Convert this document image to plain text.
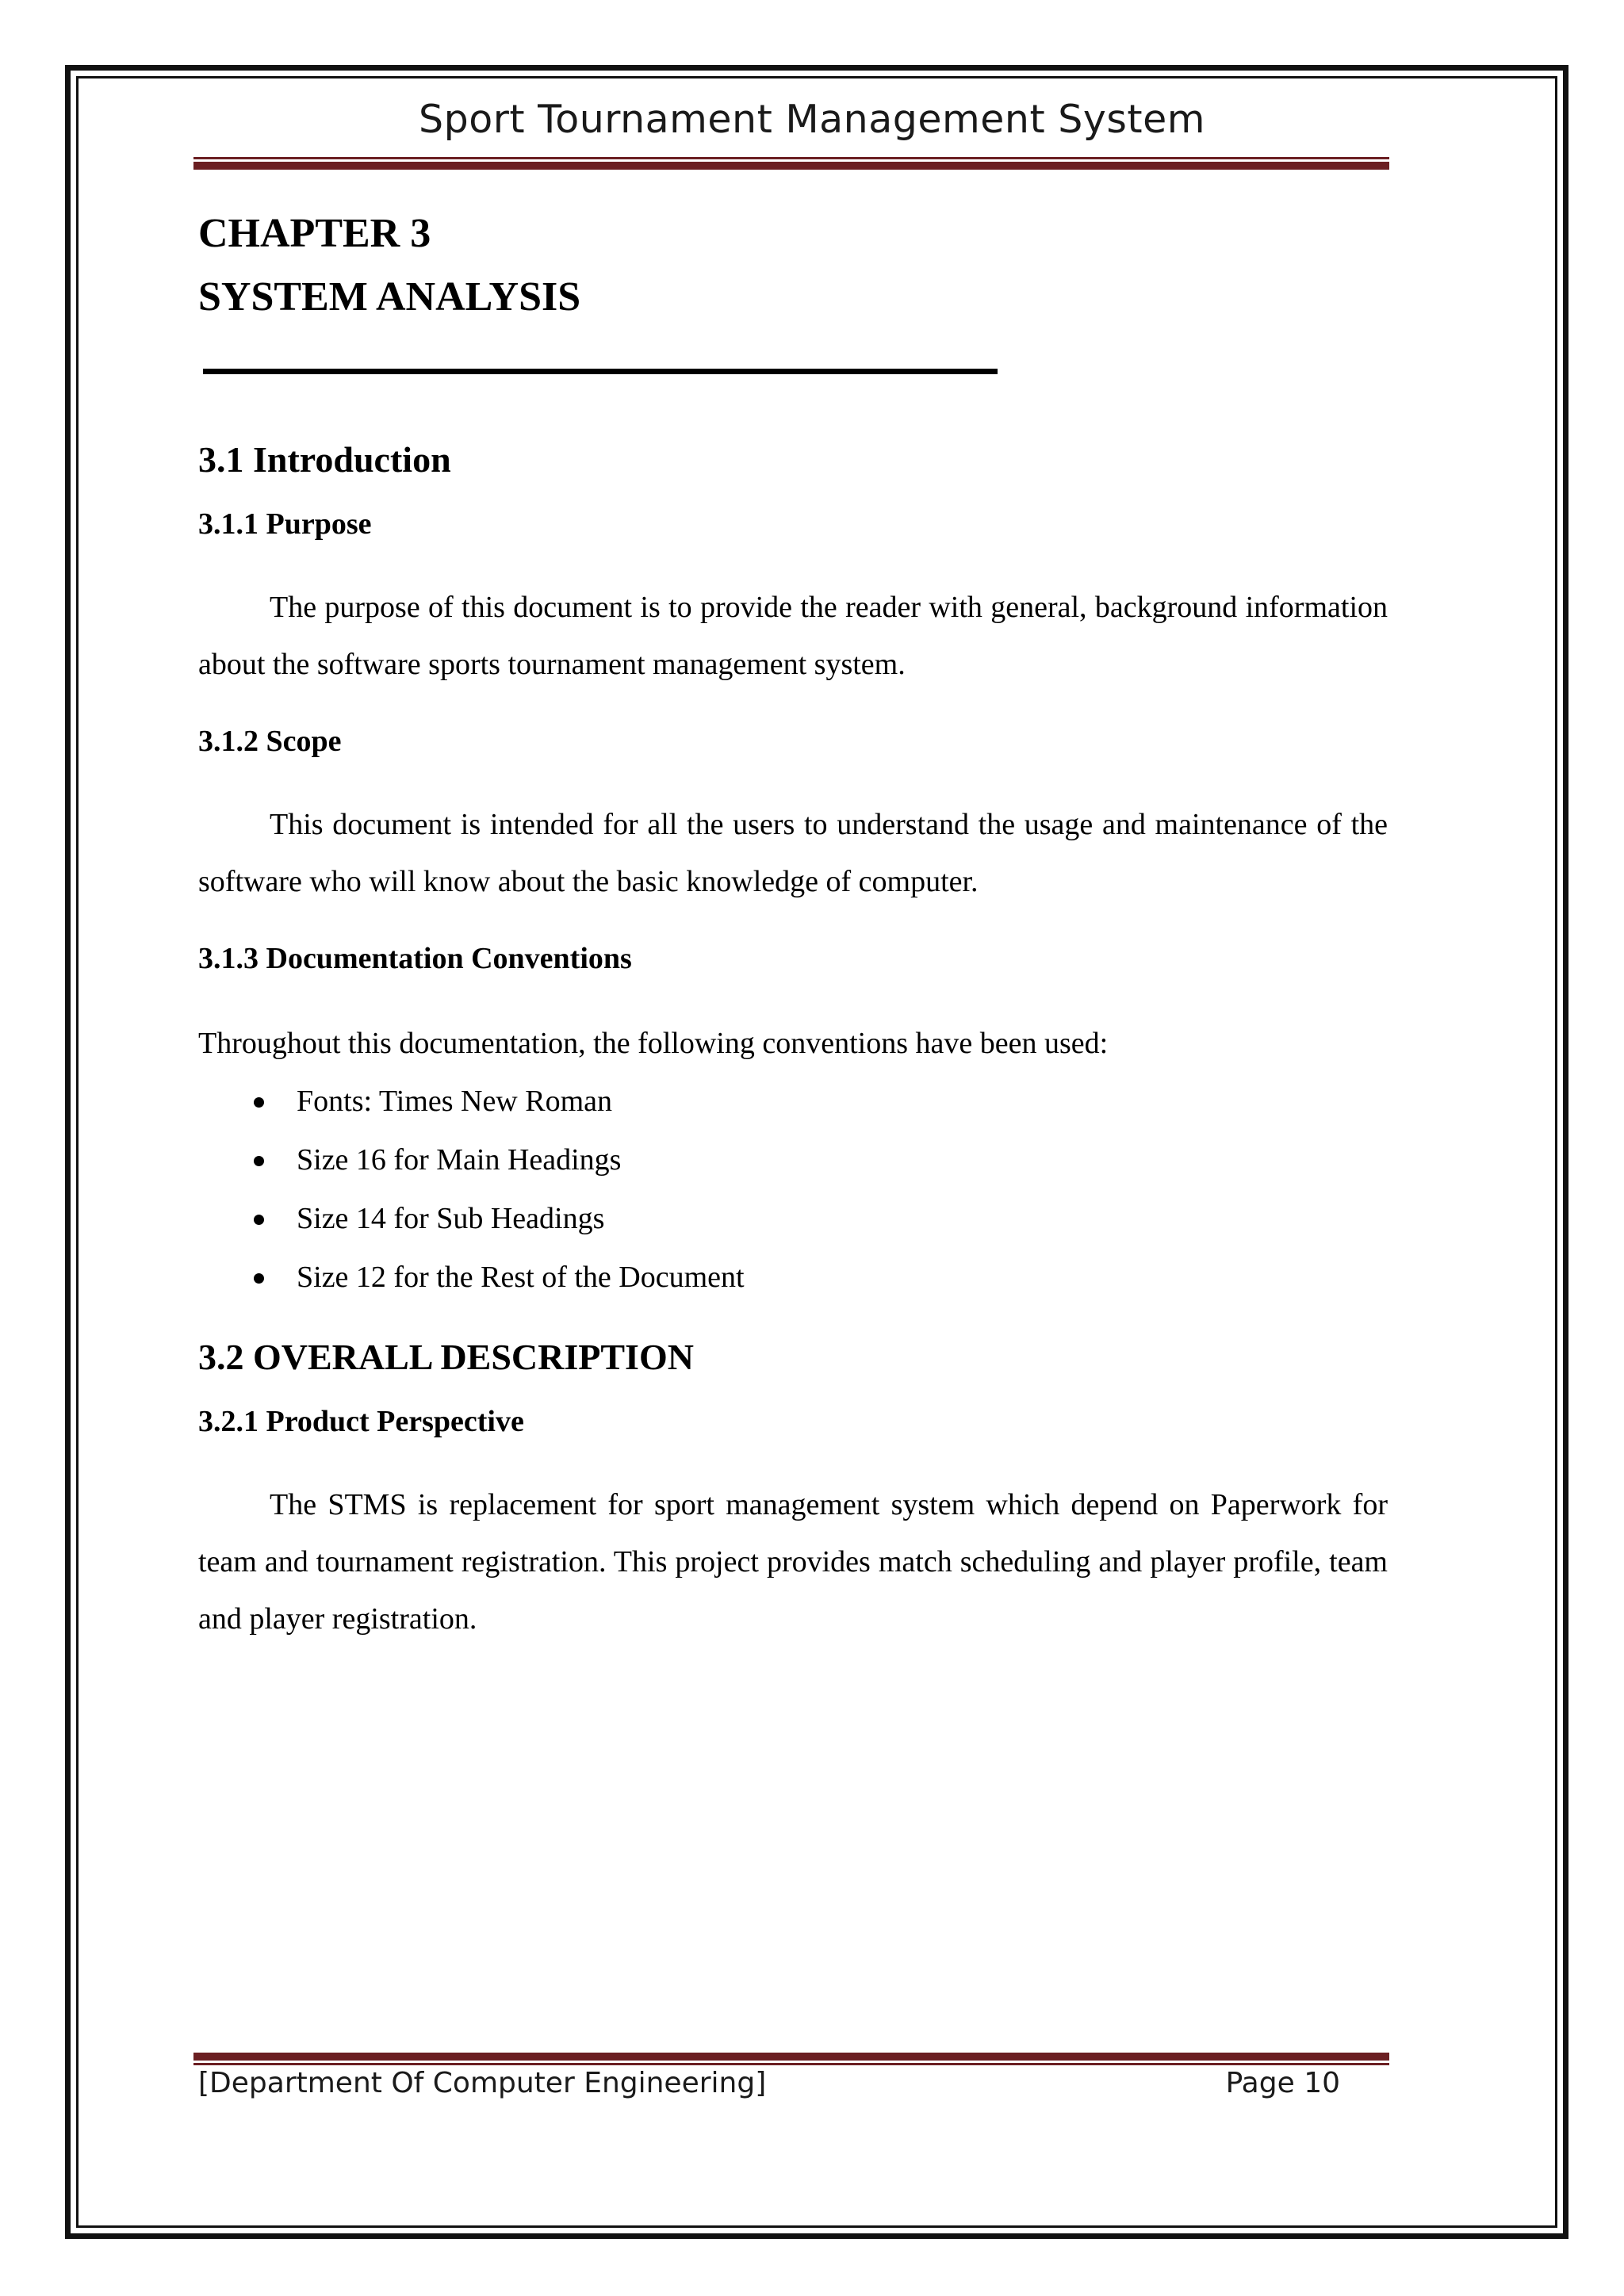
Sport Tournament Management System
CHAPTER 3
SYSTEM ANALYSIS
3.1 Introduction
3.1.1 Purpose

The purpose of this document is to provide the reader with general, background information about the software sports tournament management system.

3.1.2 Scope

This document is intended for all the users to understand the usage and maintenance of the software who will know about the basic knowledge of computer.

3.1.3 Documentation Conventions

Throughout this documentation, the following conventions have been used:

Fonts: Times New Roman
Size 16 for Main Headings
Size 14 for Sub Headings
Size 12 for the Rest of the Document
3.2 OVERALL DESCRIPTION
3.2.1 Product Perspective

The STMS is replacement for sport management system which depend on Paperwork for team and tournament registration. This project provides match scheduling and player profile, team and player registration.

[Department Of Computer Engineering]	Page 10
